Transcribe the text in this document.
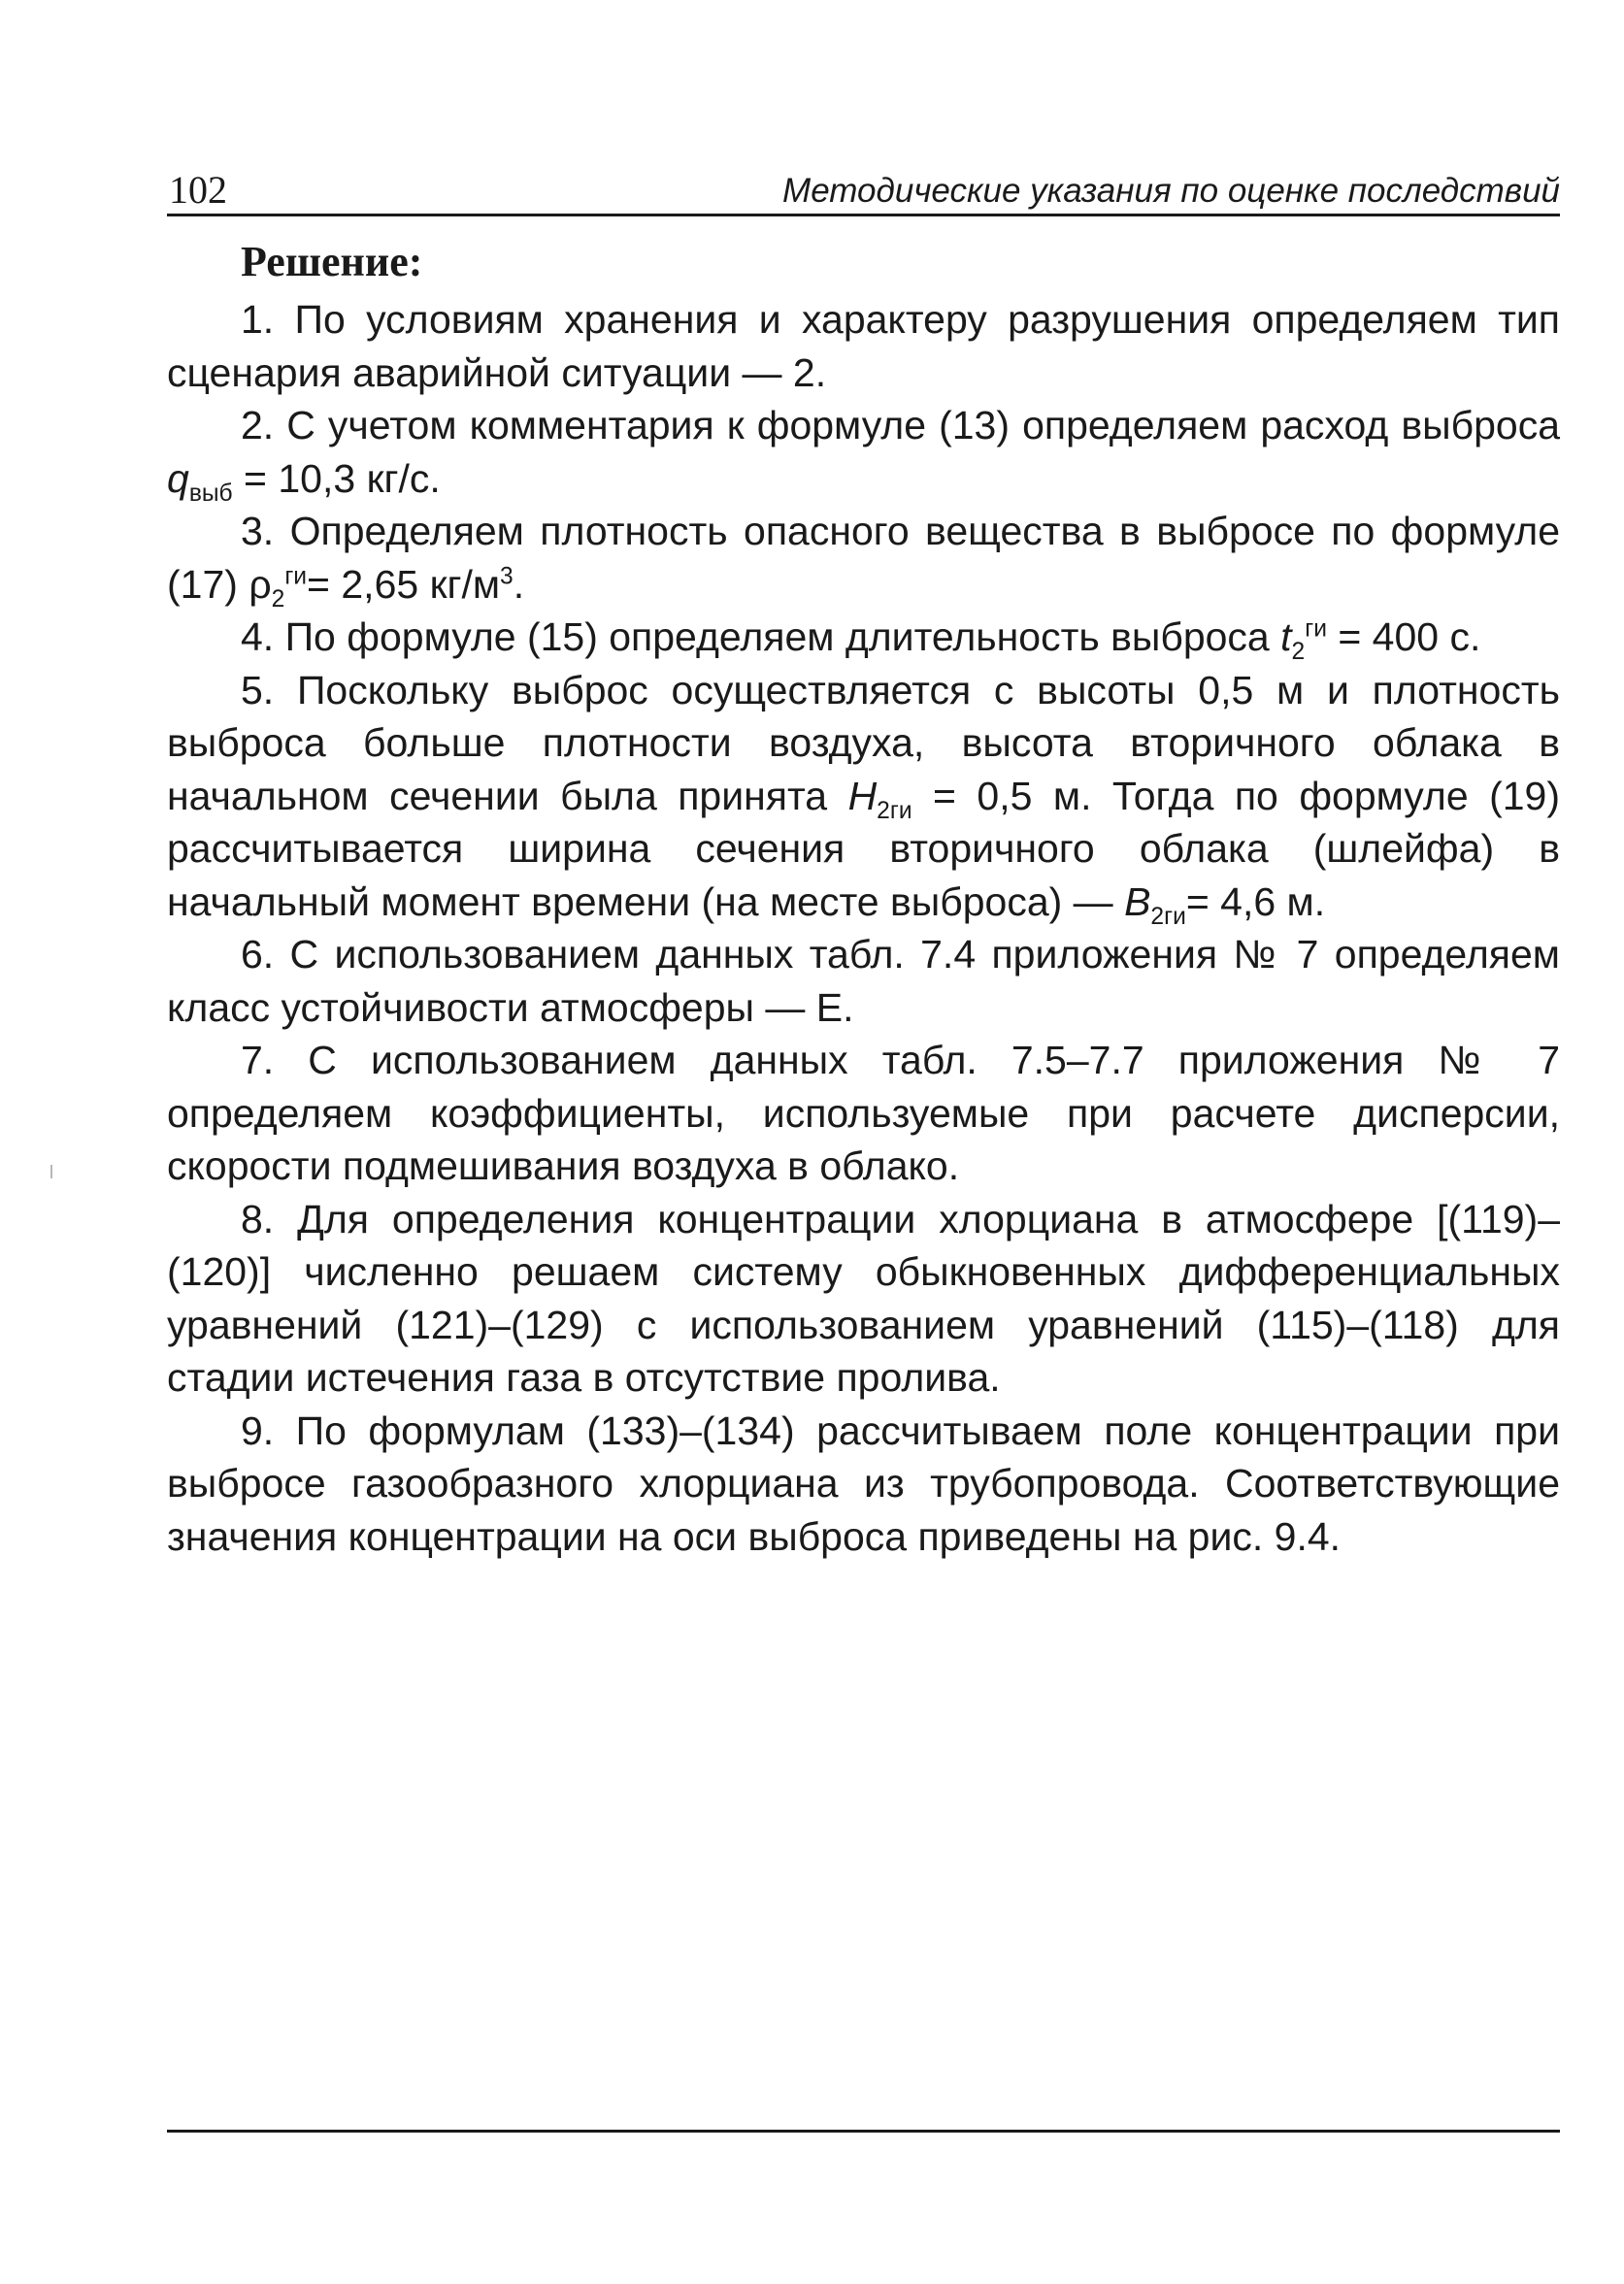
102	Методические указания по оценке последствий

Решение:

1. По условиям хранения и характеру разрушения определяем тип сценария аварийной ситуации — 2.

2. С учетом комментария к формуле (13) определяем расход выброса $q_{выб} = 10,3$ кг/с.

3. Определяем плотность опасного вещества в выбросе по формуле (17) $\rho_2^{ги}= 2,65$ $кг/м^3$.

4. По формуле (15) определяем длительность выброса $t_2^{ги} = 400$ с.

5. Поскольку выброс осуществляется с высоты 0,5 м и плотность выброса больше плотности воздуха, высота вторичного облака в начальном сечении была принята $H_{2ги} = 0,5$ м. Тогда по формуле (19) рассчитывается ширина сечения вторичного облака (шлейфа) в начальный момент времени (на месте выброса) — $B_{2ги}= 4,6$ м.

6. С использованием данных табл. 7.4 приложения № 7 определяем класс устойчивости атмосферы — Е.

7. С использованием данных табл. 7.5–7.7 приложения № 7 определяем коэффициенты, используемые при расчете дисперсии, скорости подмешивания воздуха в облако.

8. Для определения концентрации хлорциана в атмосфере [(119)–(120)] численно решаем систему обыкновенных дифференциальных уравнений (121)–(129) с использованием уравнений (115)–(118) для стадии истечения газа в отсутствие пролива.

9. По формулам (133)–(134) рассчитываем поле концентрации при выбросе газообразного хлорциана из трубопровода. Соответствующие значения концентрации на оси выброса приведены на рис. 9.4.
